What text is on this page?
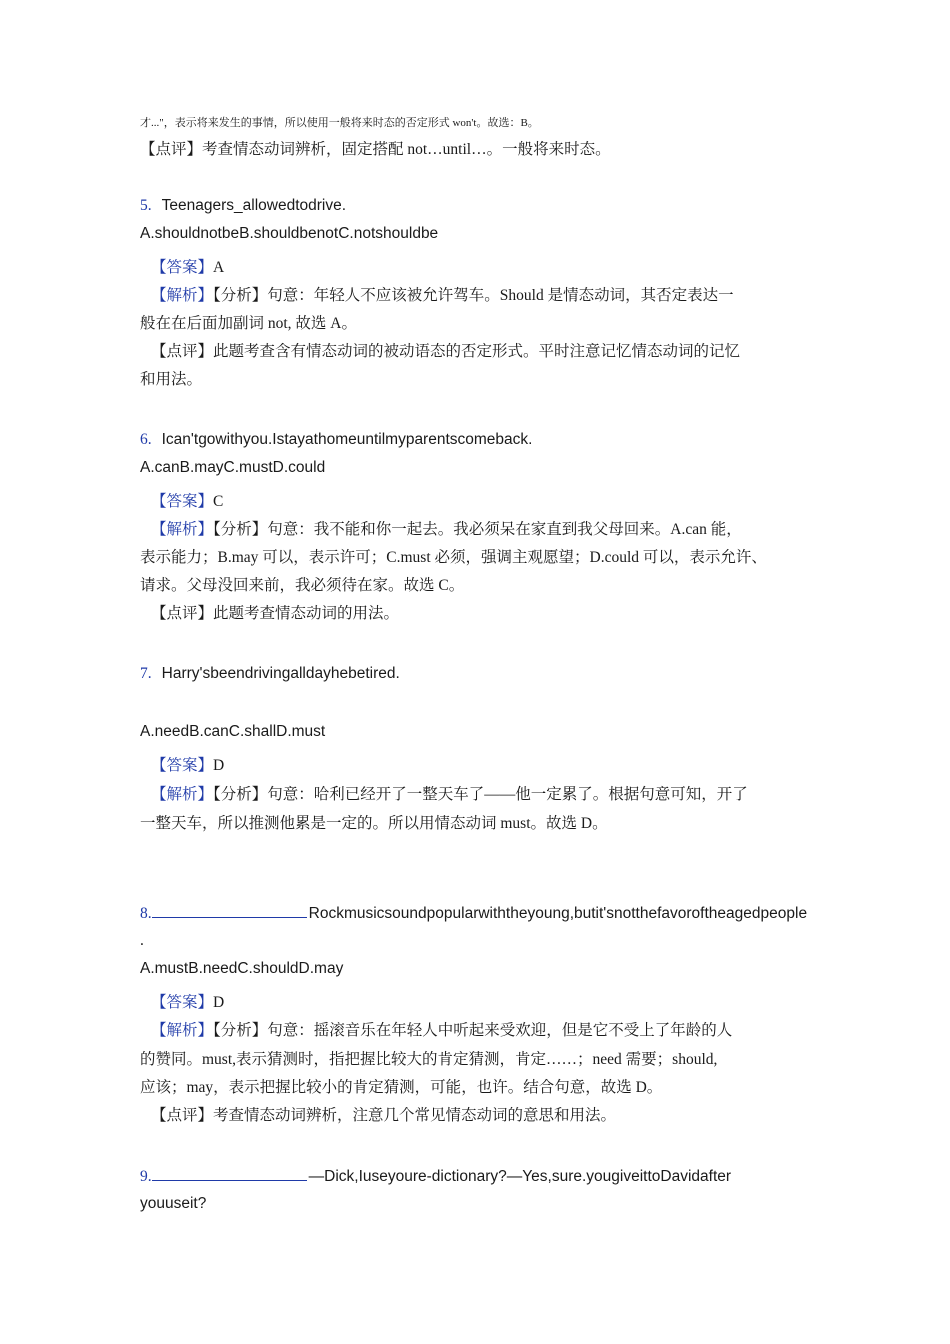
才..."，表示将来发生的事情，所以使用一般将来时态的否定形式 won't。故选：B。
【点评】考查情态动词辨析，固定搭配 not…until…。一般将来时态。
5. Teenagers_allowedtodrive.
A.shouldnotbeB.shouldbenotC.notshouldbe
【答案】A
【解析】【分析】句意：年轻人不应该被允许驾车。Should 是情态动词，其否定表达一
般在在后面加副词 not, 故选 A。
【点评】此题考查含有情态动词的被动语态的否定形式。平时注意记忆情态动词的记忆
和用法。
6. Ican'tgowithyou.Istayathomeuntilmyparentscomeback.
A.canB.mayC.mustD.could
【答案】C
【解析】【分析】句意：我不能和你一起去。我必须呆在家直到我父母回来。A.can 能，
表示能力；B.may 可以，表示许可；C.must 必须，强调主观愿望；D.could 可以，表示允许、
请求。父母没回来前，我必须待在家。故选 C。
【点评】此题考查情态动词的用法。
7. Harry'sbeendrivingalldayhebetired.
A.needB.canC.shallD.must
【答案】D
【解析】【分析】句意：哈利已经开了一整天车了——他一定累了。根据句意可知，开了
一整天车，所以推测他累是一定的。所以用情态动词 must。故选 D。
8.	Rockmusicsoundpopularwiththeyoung,butit'snotthefavoroftheagedpeople
.
A.mustB.needC.shouldD.may
【答案】D
【解析】【分析】句意：摇滚音乐在年轻人中听起来受欢迎，但是它不受上了年龄的人
的赞同。must,表示猜测时，指把握比较大的肯定猜测，肯定……；need 需要；should,
应该；may，表示把握比较小的肯定猜测，可能，也许。结合句意，故选 D。
【点评】考查情态动词辨析，注意几个常见情态动词的意思和用法。
9.	—Dick,Iuseyoure-dictionary?—Yes,sure.yougiveittoDavidafter
youuseit?
